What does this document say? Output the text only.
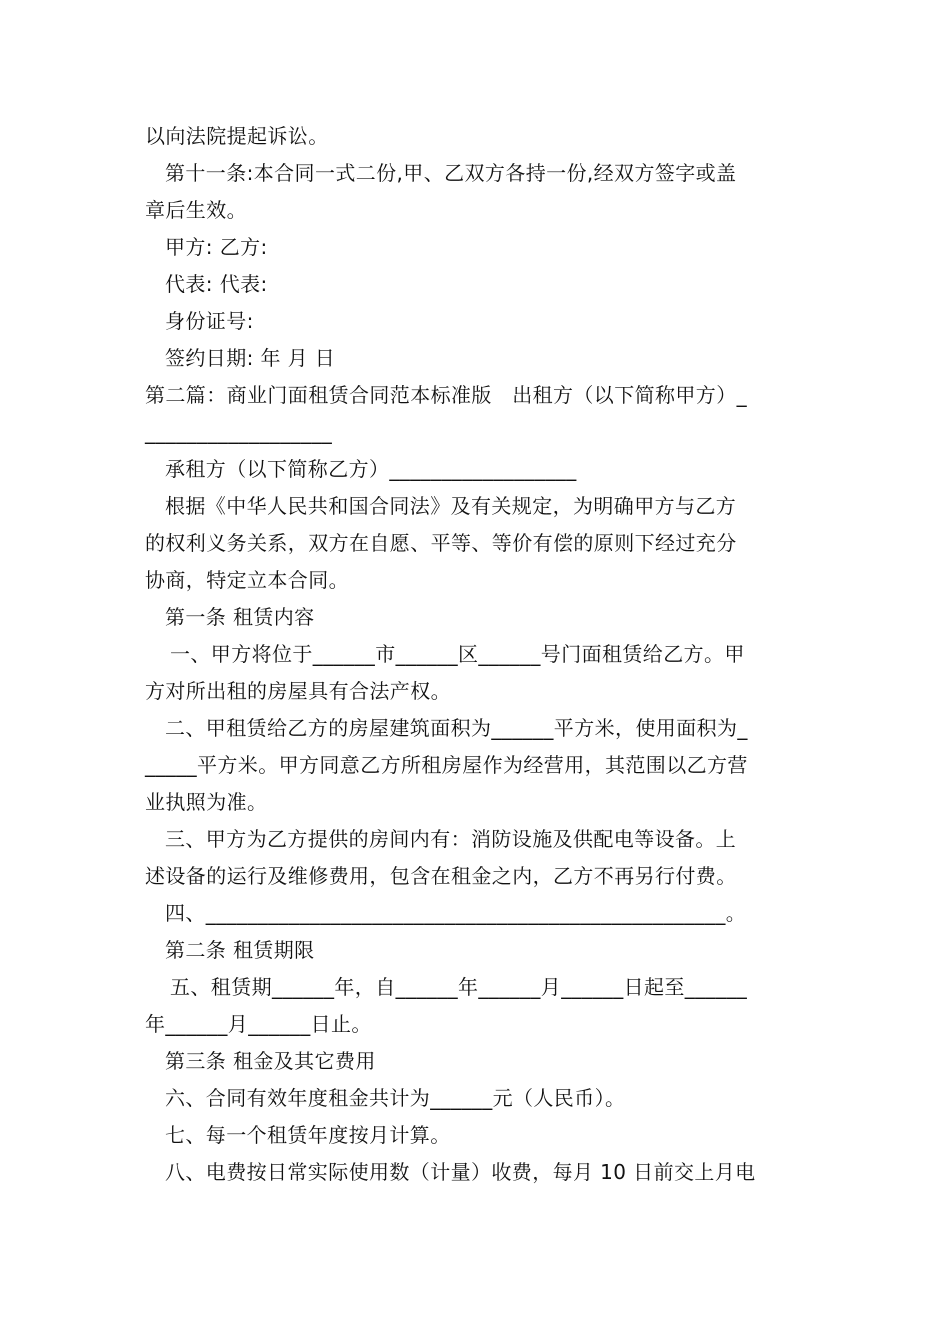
以向法院提起诉讼。
第十一条:本合同一式二份,甲、乙双方各持一份,经双方签字或盖
章后生效。
甲方: 乙方:
代表: 代表:
身份证号:
签约日期: 年 月 日
第二篇：商业门面租赁合同范本标准版　出租方（以下简称甲方）_
__________________
承租方（以下简称乙方）__________________
根据《中华人民共和国合同法》及有关规定，为明确甲方与乙方
的权利义务关系，双方在自愿、平等、等价有偿的原则下经过充分
协商，特定立本合同。
第一条 租赁内容
一、甲方将位于______市______区______号门面租赁给乙方。甲
方对所出租的房屋具有合法产权。
二、甲租赁给乙方的房屋建筑面积为______平方米，使用面积为_
_____平方米。甲方同意乙方所租房屋作为经营用，其范围以乙方营
业执照为准。
三、甲方为乙方提供的房间内有：消防设施及供配电等设备。上
述设备的运行及维修费用，包含在租金之内，乙方不再另行付费。
四、__________________________________________________。
第二条 租赁期限
五、租赁期______年，自______年______月______日起至______
年______月______日止。
第三条 租金及其它费用
六、合同有效年度租金共计为______元（人民币）。
七、每一个租赁年度按月计算。
八、电费按日常实际使用数（计量）收费，每月 10 日前交上月电
